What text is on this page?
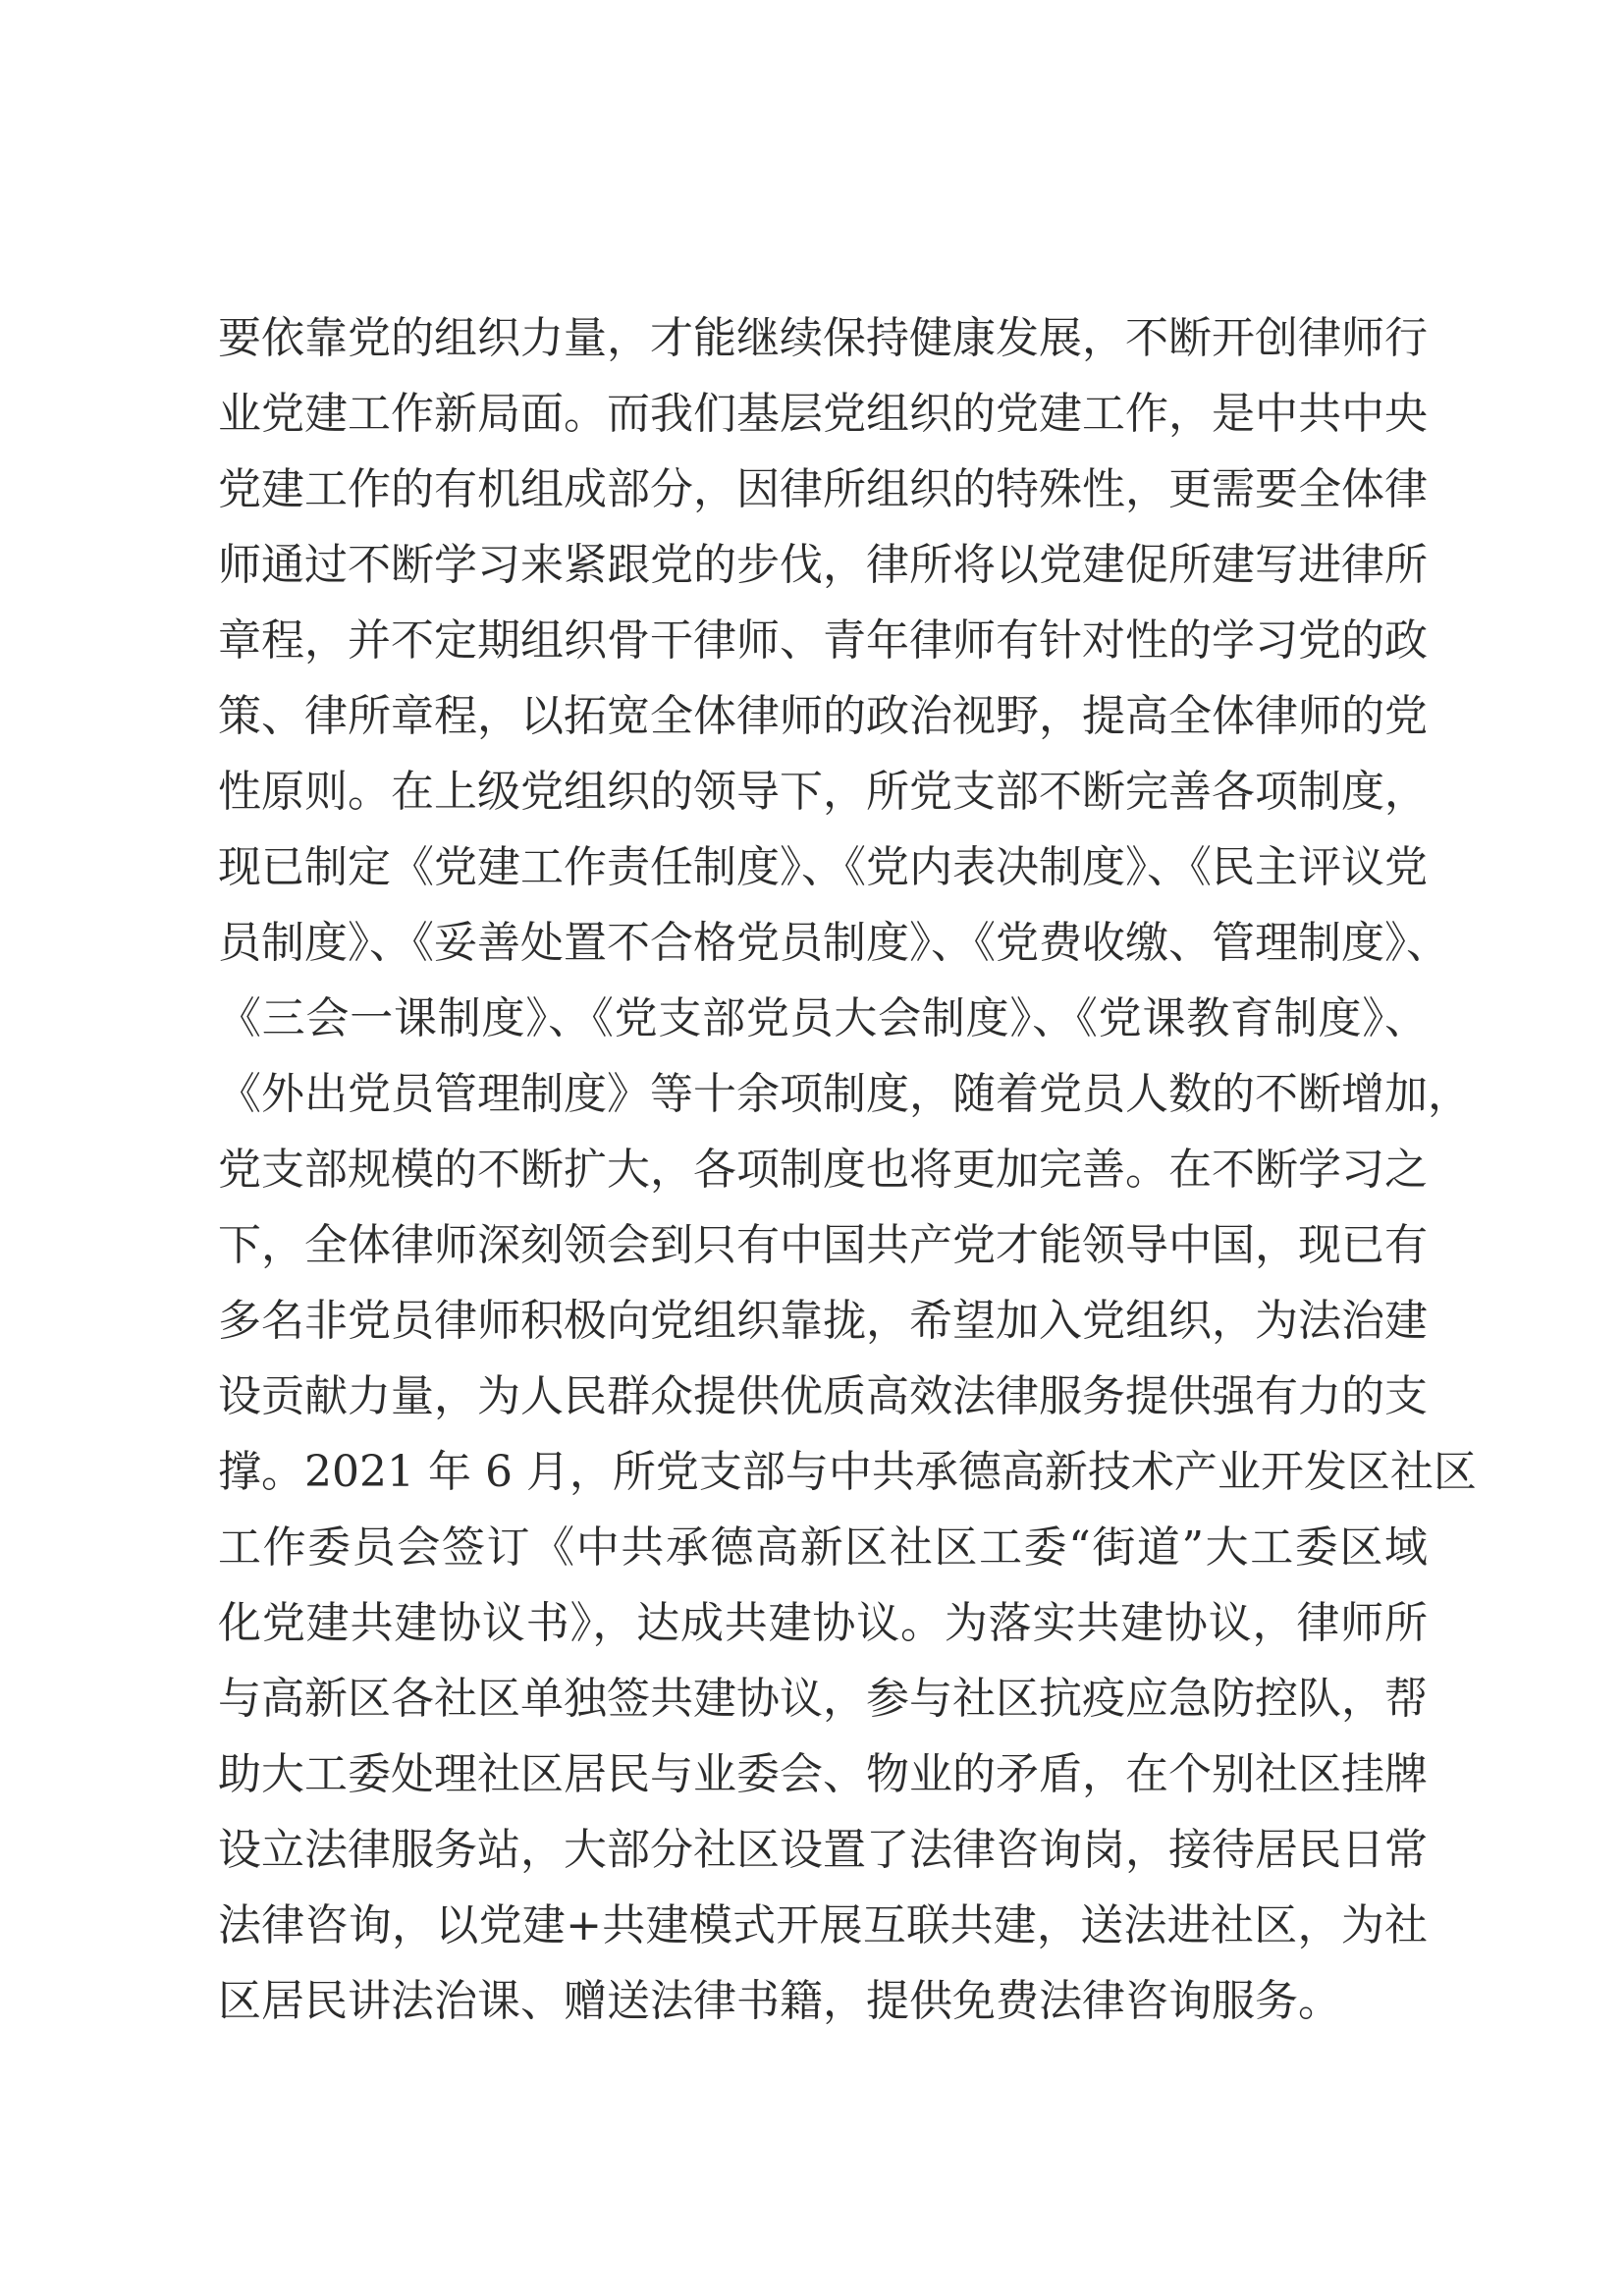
要依靠党的组织力量，才能继续保持健康发展，不断开创律师行
业党建工作新局面。而我们基层党组织的党建工作，是中共中央
党建工作的有机组成部分，因律所组织的特殊性，更需要全体律
师通过不断学习来紧跟党的步伐，律所将以党建促所建写进律所
章程，并不定期组织骨干律师、青年律师有针对性的学习党的政
策、律所章程，以拓宽全体律师的政治视野，提高全体律师的党
性原则。在上级党组织的领导下，所党支部不断完善各项制度，
现已制定《党建工作责任制度》、《党内表决制度》、《民主评议党
员制度》、《妥善处置不合格党员制度》、《党费收缴、管理制度》、
《三会一课制度》、《党支部党员大会制度》、《党课教育制度》、
《外出党员管理制度》等十余项制度，随着党员人数的不断增加，
党支部规模的不断扩大，各项制度也将更加完善。在不断学习之
下，全体律师深刻领会到只有中国共产党才能领导中国，现已有
多名非党员律师积极向党组织靠拢，希望加入党组织，为法治建
设贡献力量，为人民群众提供优质高效法律服务提供强有力的支
撑。2021 年 6 月，所党支部与中共承德高新技术产业开发区社区
工作委员会签订《中共承德高新区社区工委“街道”大工委区域
化党建共建协议书》，达成共建协议。为落实共建协议，律师所
与高新区各社区单独签共建协议，参与社区抗疫应急防控队，帮
助大工委处理社区居民与业委会、物业的矛盾，在个别社区挂牌
设立法律服务站，大部分社区设置了法律咨询岗，接待居民日常
法律咨询，以党建+共建模式开展互联共建，送法进社区，为社
区居民讲法治课、赠送法律书籍，提供免费法律咨询服务。
